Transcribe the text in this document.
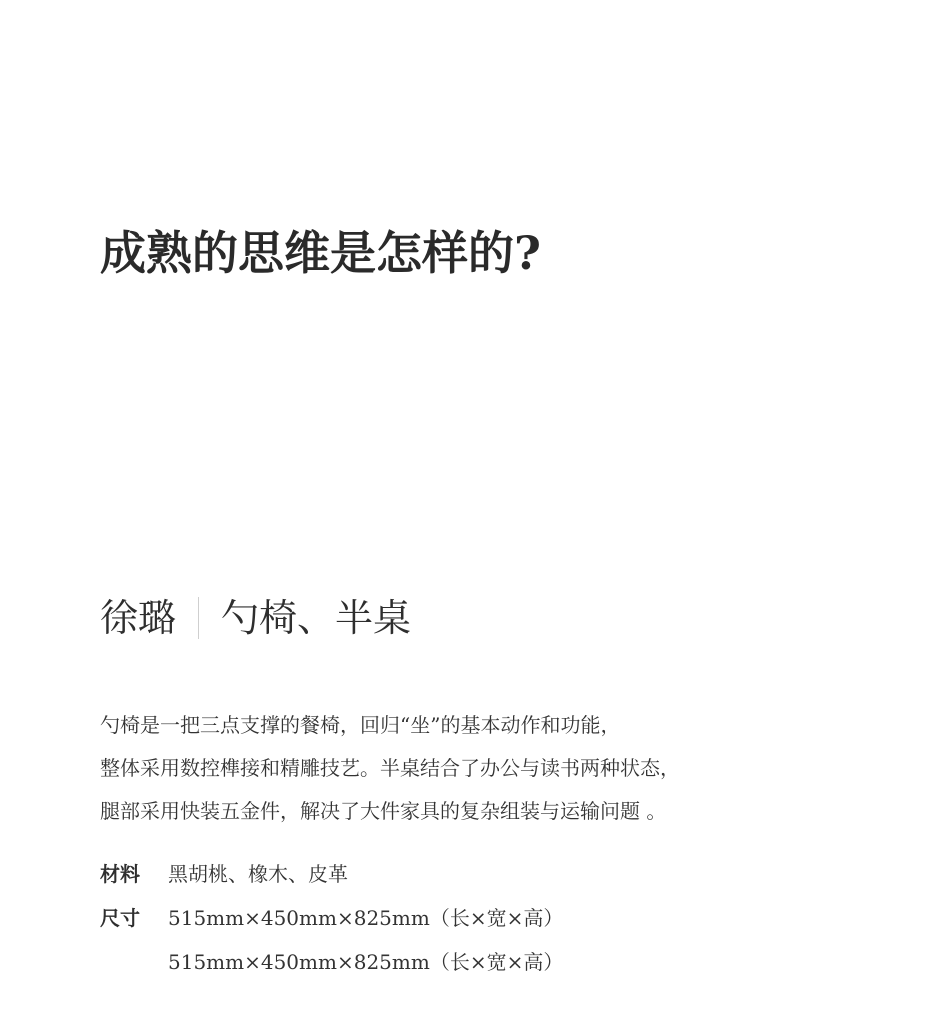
成熟的思维是怎样的?
徐璐 勺椅、半桌
勺椅是一把三点支撑的餐椅，回归“坐”的基本动作和功能，
整体采用数控榫接和精雕技艺。半桌结合了办公与读书两种状态，
腿部采用快装五金件，解决了大件家具的复杂组装与运输问题 。
材料	黑胡桃、橡木、皮革
尺寸	515mm×450mm×825mm（长×宽×高）
515mm×450mm×825mm（长×宽×高）
